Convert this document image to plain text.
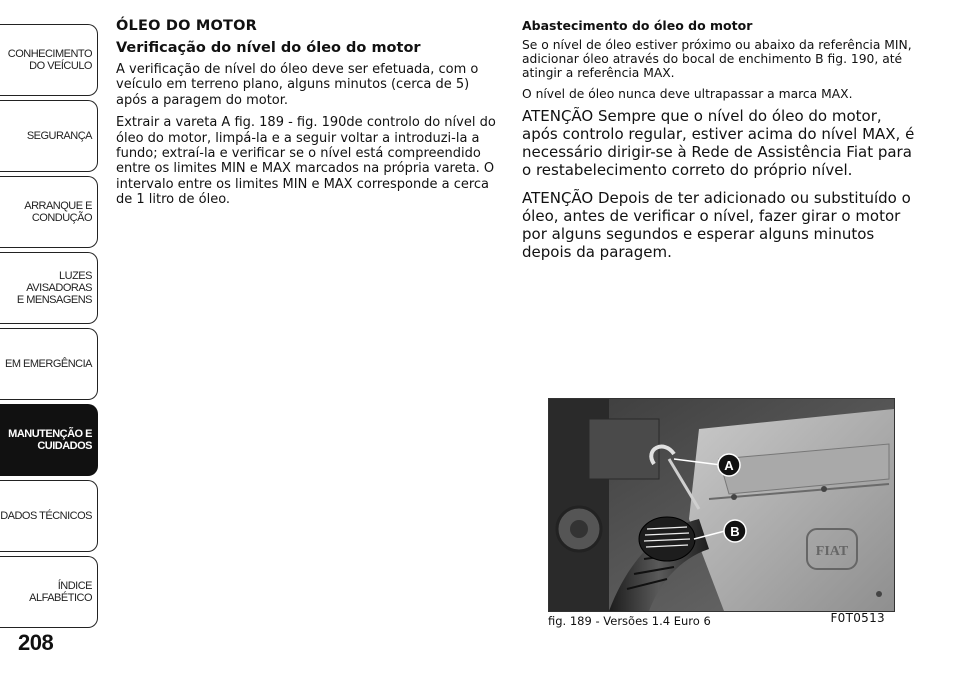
CONHECIMENTO
DO VEÍCULO
SEGURANÇA
ARRANQUE E
CONDUÇÃO
LUZES AVISADORAS
E MENSAGENS
EM EMERGÊNCIA
MANUTENÇÃO E
CUIDADOS
DADOS TÉCNICOS
ÍNDICE ALFABÉTICO
208
ÓLEO DO MOTOR
Verificação do nível do óleo do motor

A verificação de nível do óleo deve ser efetuada, com o veículo em terreno plano, alguns minutos (cerca de 5) após a paragem do motor.

Extrair a vareta A fig. 189 - fig. 190de controlo do nível do óleo do motor, limpá-la e a seguir voltar a introduzi-la a fundo; extraí-la e verificar se o nível está compreendido entre os limites MIN e MAX marcados na própria vareta. O intervalo entre os limites MIN e MAX corresponde a cerca de 1 litro de óleo.

Abastecimento do óleo do motor

Se o nível de óleo estiver próximo ou abaixo da referência MIN, adicionar óleo através do bocal de enchimento B fig. 190, até atingir a referência MAX.

O nível de óleo nunca deve ultrapassar a marca MAX.

ATENÇÃO Sempre que o nível do óleo do motor, após controlo regular, estiver acima do nível MAX, é necessário dirigir-se à Rede de Assistência Fiat para o restabelecimento correto do próprio nível.

ATENÇÃO Depois de ter adicionado ou substituído o óleo, antes de verificar o nível, fazer girar o motor por alguns segundos e esperar alguns minutos depois da paragem.

A
B
FIAT
fig. 189 - Versões 1.4 Euro 6	F0T0513
